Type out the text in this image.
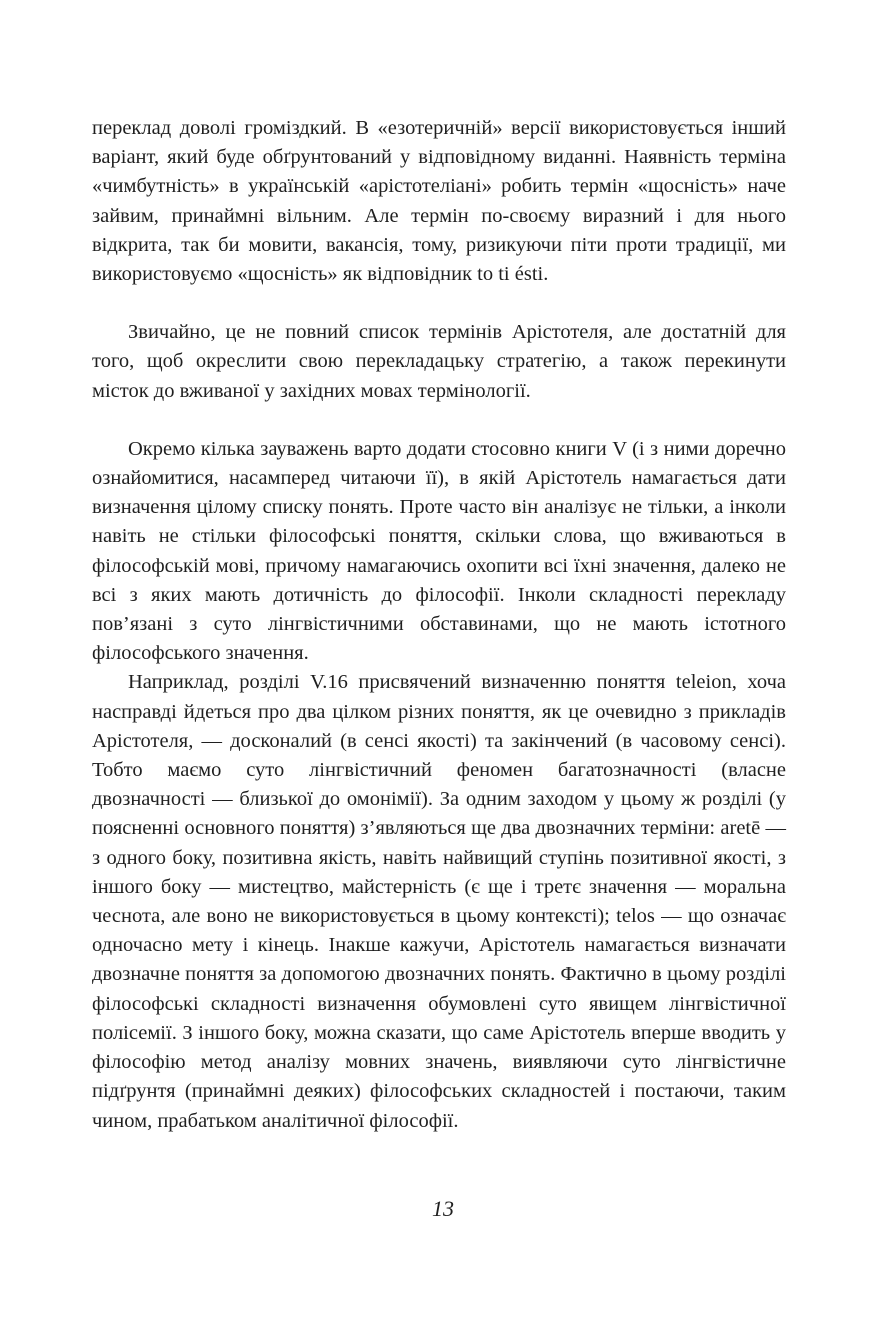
переклад доволі громіздкий. В «езотеричній» версії використовується інший варіант, який буде обґрунтований у відповідному виданні. Наявність терміна «чимбутність» в українській «арістотеліані» робить термін «щосність» наче зайвим, принаймні вільним. Але термін по-своєму виразний і для нього відкрита, так би мовити, вакансія, тому, ризикуючи піти проти традиції, ми використовуємо «щосність» як відповідник to ti ésti.

Звичайно, це не повний список термінів Арістотеля, але достатній для того, щоб окреслити свою перекладацьку стратегію, а також перекинути місток до вживаної у західних мовах термінології.

Окремо кілька зауважень варто додати стосовно книги V (і з ними доречно ознайомитися, насамперед читаючи її), в якій Арістотель намагається дати визначення цілому списку понять. Проте часто він аналізує не тільки, а інколи навіть не стільки філософські поняття, скільки слова, що вживаються в філософській мові, причому намагаючись охопити всі їхні значення, далеко не всі з яких мають дотичність до філософії. Інколи складності перекладу пов’язані з суто лінгвістичними обставинами, що не мають істотного філософського значення.

Наприклад, розділі V.16 присвячений визначенню поняття teleion, хоча насправді йдеться про два цілком різних поняття, як це очевидно з прикладів Арістотеля, — досконалий (в сенсі якості) та закінчений (в часовому сенсі). Тобто маємо суто лінгвістичний феномен багатозначності (власне двозначності — близької до омонімії). За одним заходом у цьому ж розділі (у поясненні основного поняття) з’являються ще два двозначних терміни: aretē — з одного боку, позитивна якість, навіть найвищий ступінь позитивної якості, з іншого боку — мистецтво, майстерність (є ще і третє значення — моральна чеснота, але воно не використовується в цьому контексті); telos — що означає одночасно мету і кінець. Інакше кажучи, Арістотель намагається визначати двозначне поняття за допомогою двозначних понять. Фактично в цьому розділі філософські складності визначення обумовлені суто явищем лінгвістичної полісемії. З іншого боку, можна сказати, що саме Арістотель вперше вводить у філософію метод аналізу мовних значень, виявляючи суто лінгвістичне підґрунтя (принаймні деяких) філософських складностей і постаючи, таким чином, прабатьком аналітичної філософії.

13
